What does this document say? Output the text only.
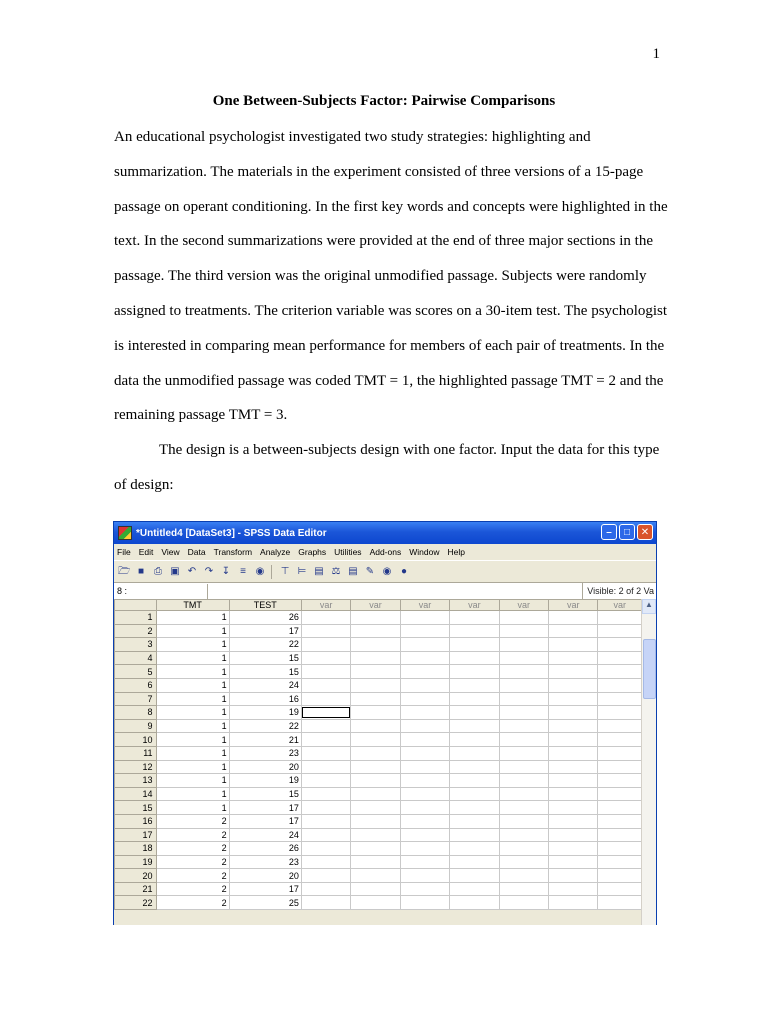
1
One Between-Subjects Factor: Pairwise Comparisons

An educational psychologist investigated two study strategies: highlighting and summarization. The materials in the experiment consisted of three versions of a 15-page passage on operant conditioning. In the first key words and concepts were highlighted in the text. In the second summarizations were provided at the end of three major sections in the passage. The third version was the original unmodified passage. Subjects were randomly assigned to treatments. The criterion variable was scores on a 30-item test. The psychologist is interested in comparing mean performance for members of each pair of treatments. In the data the unmodified passage was coded TMT = 1, the highlighted passage TMT = 2 and the remaining passage TMT = 3.

The design is a between-subjects design with one factor. Input the data for this type of design:

*Untitled4 [DataSet3] - SPSS Data Editor	–	□	✕
File Edit View Data Transform Analyze Graphs Utilities Add-ons Window Help
🗁 ■ ⎙ ▣ ↶ ↷ ↧ ≡ ◉ ⊤ ⊨ ▤ ⚖ ▤ ✎ ◉ ●
8 :	Visible: 2 of 2 Va
	TMT	TEST	var	var	var	var	var	var	var
1	1	26							
2	1	17							
3	1	22							
4	1	15							
5	1	15							
6	1	24							
7	1	16							
8	1	19							
9	1	22							
10	1	21							
11	1	23							
12	1	20							
13	1	19							
14	1	15							
15	1	17							
16	2	17							
17	2	24							
18	2	26							
19	2	23							
20	2	20							
21	2	17							
22	2	25							
▲
